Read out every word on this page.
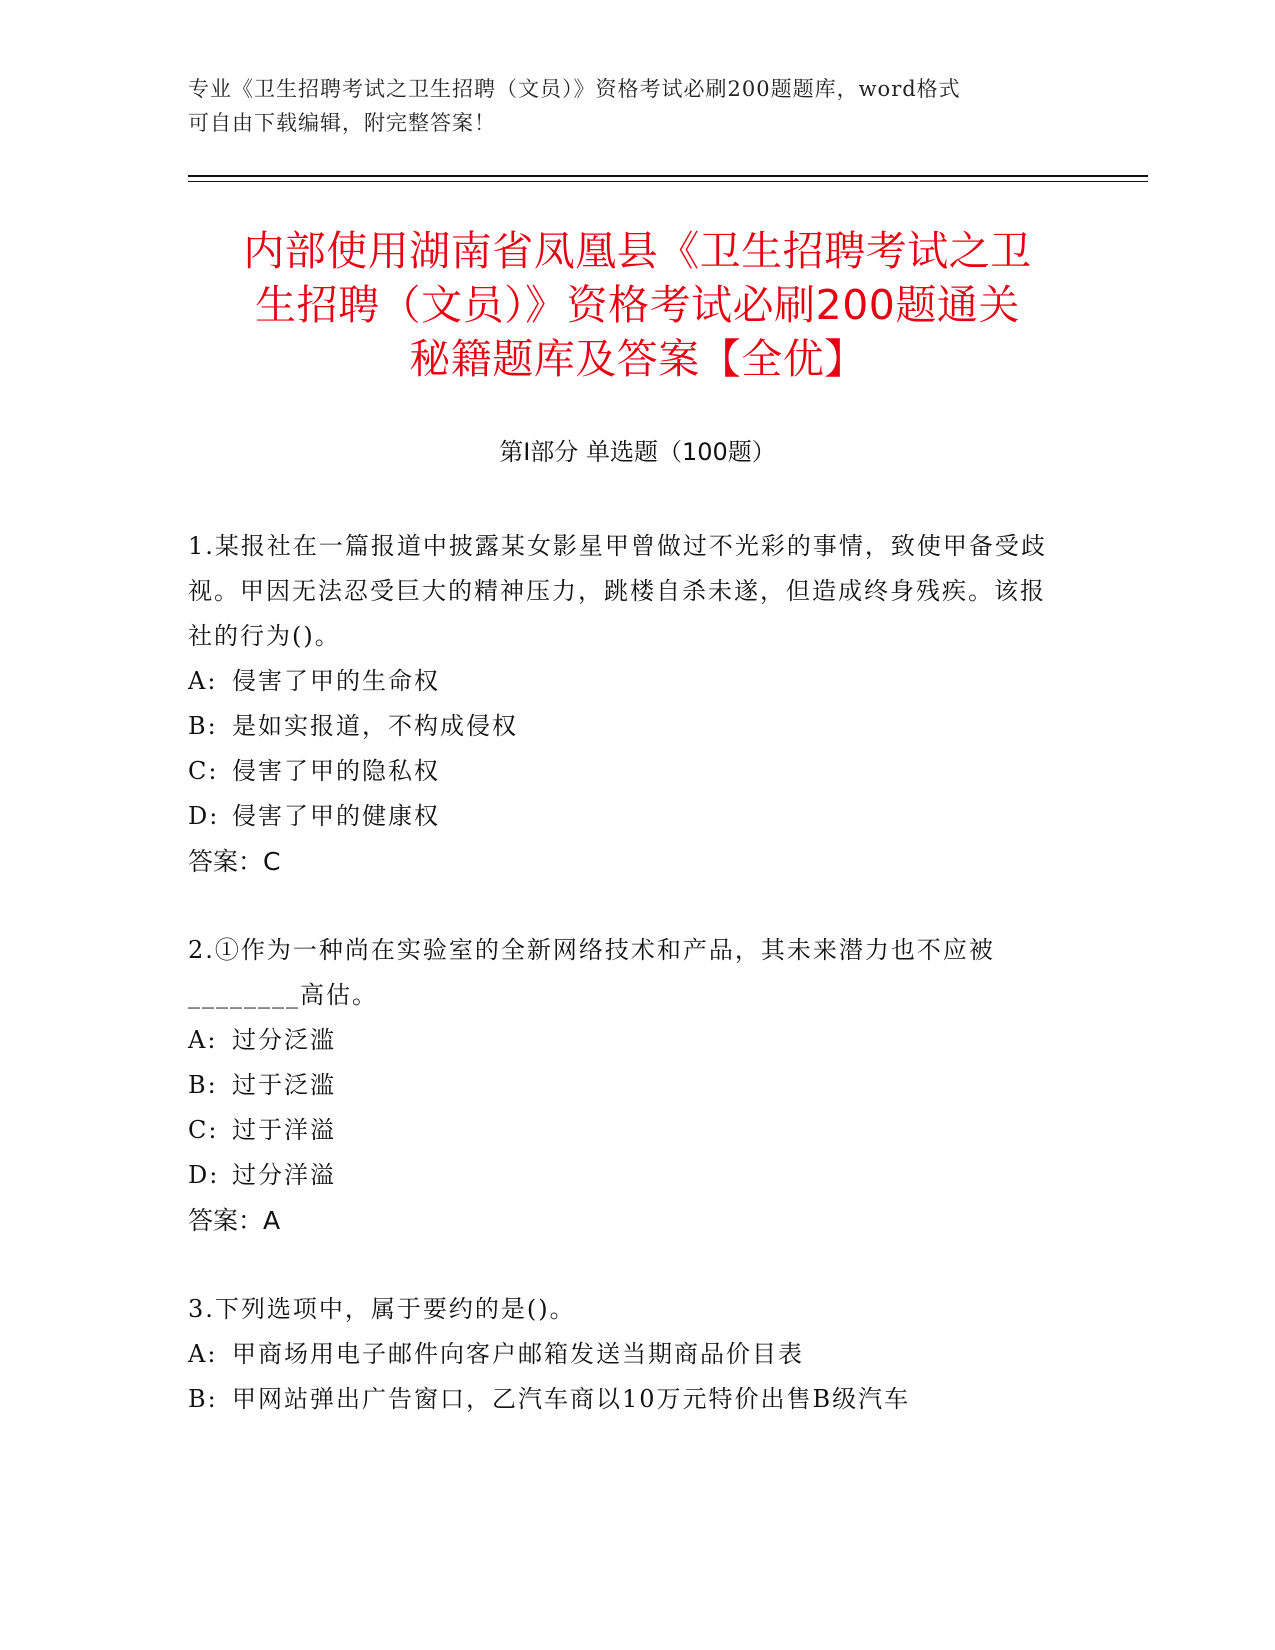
专业《卫生招聘考试之卫生招聘（文员）》资格考试必刷200题题库，word格式
可自由下载编辑，附完整答案！
内部使用湖南省凤凰县《卫生招聘考试之卫
生招聘（文员）》资格考试必刷200题通关
秘籍题库及答案【全优】
第Ⅰ部分 单选题（100题）

1.某报社在一篇报道中披露某女影星甲曾做过不光彩的事情，致使甲备受歧视。甲因无法忍受巨大的精神压力，跳楼自杀未遂，但造成终身残疾。该报社的行为()。

A: 侵害了甲的生命权

B: 是如实报道，不构成侵权

C: 侵害了甲的隐私权

D: 侵害了甲的健康权

答案：C

2.①作为一种尚在实验室的全新网络技术和产品，其未来潜力也不应被________高估。

A: 过分泛滥

B: 过于泛滥

C: 过于洋溢

D: 过分洋溢

答案：A

3.下列选项中，属于要约的是()。

A: 甲商场用电子邮件向客户邮箱发送当期商品价目表

B: 甲网站弹出广告窗口，乙汽车商以10万元特价出售B级汽车
